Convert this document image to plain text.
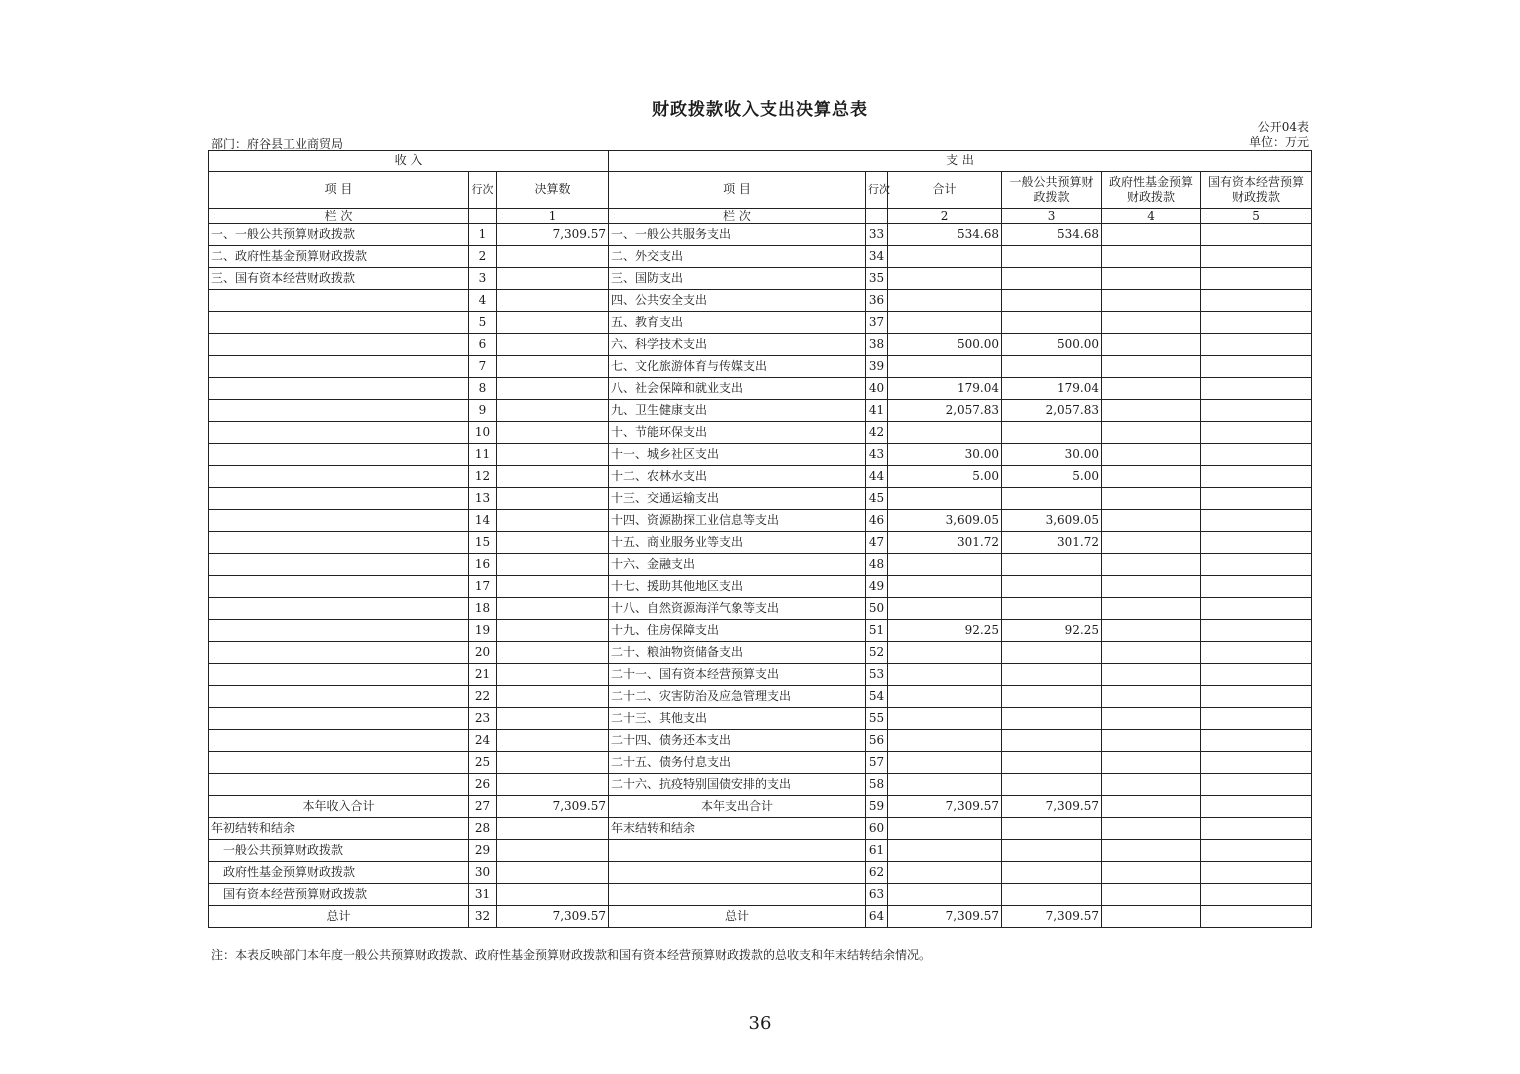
财政拨款收入支出决算总表
公开04表
部门：府谷县工业商贸局	单位：万元
收 入			支 出					
项 目	行次	决算数	项 目	行次	合计	一般公共预算财政拨款	政府性基金预算财政拨款	国有资本经营预算财政拨款
栏 次		1	栏 次		2	3	4	5
一、一般公共预算财政拨款	1	7,309.57	一、一般公共服务支出	33	534.68	534.68		
二、政府性基金预算财政拨款	2		二、外交支出	34				
三、国有资本经营财政拨款	3		三、国防支出	35				
	4		四、公共安全支出	36				
	5		五、教育支出	37				
	6		六、科学技术支出	38	500.00	500.00		
	7		七、文化旅游体育与传媒支出	39				
	8		八、社会保障和就业支出	40	179.04	179.04		
	9		九、卫生健康支出	41	2,057.83	2,057.83		
	10		十、节能环保支出	42				
	11		十一、城乡社区支出	43	30.00	30.00		
	12		十二、农林水支出	44	5.00	5.00		
	13		十三、交通运输支出	45				
	14		十四、资源勘探工业信息等支出	46	3,609.05	3,609.05		
	15		十五、商业服务业等支出	47	301.72	301.72		
	16		十六、金融支出	48				
	17		十七、援助其他地区支出	49				
	18		十八、自然资源海洋气象等支出	50				
	19		十九、住房保障支出	51	92.25	92.25		
	20		二十、粮油物资储备支出	52				
	21		二十一、国有资本经营预算支出	53				
	22		二十二、灾害防治及应急管理支出	54				
	23		二十三、其他支出	55				
	24		二十四、债务还本支出	56				
	25		二十五、债务付息支出	57				
	26		二十六、抗疫特别国债安排的支出	58				
本年收入合计	27	7,309.57	本年支出合计	59	7,309.57	7,309.57		
年初结转和结余	28		年末结转和结余	60				
一般公共预算财政拨款	29			61				
政府性基金预算财政拨款	30			62				
国有资本经营预算财政拨款	31			63				
总计	32	7,309.57	总计	64	7,309.57	7,309.57		
注：本表反映部门本年度一般公共预算财政拨款、政府性基金预算财政拨款和国有资本经营预算财政拨款的总收支和年末结转结余情况。
36
